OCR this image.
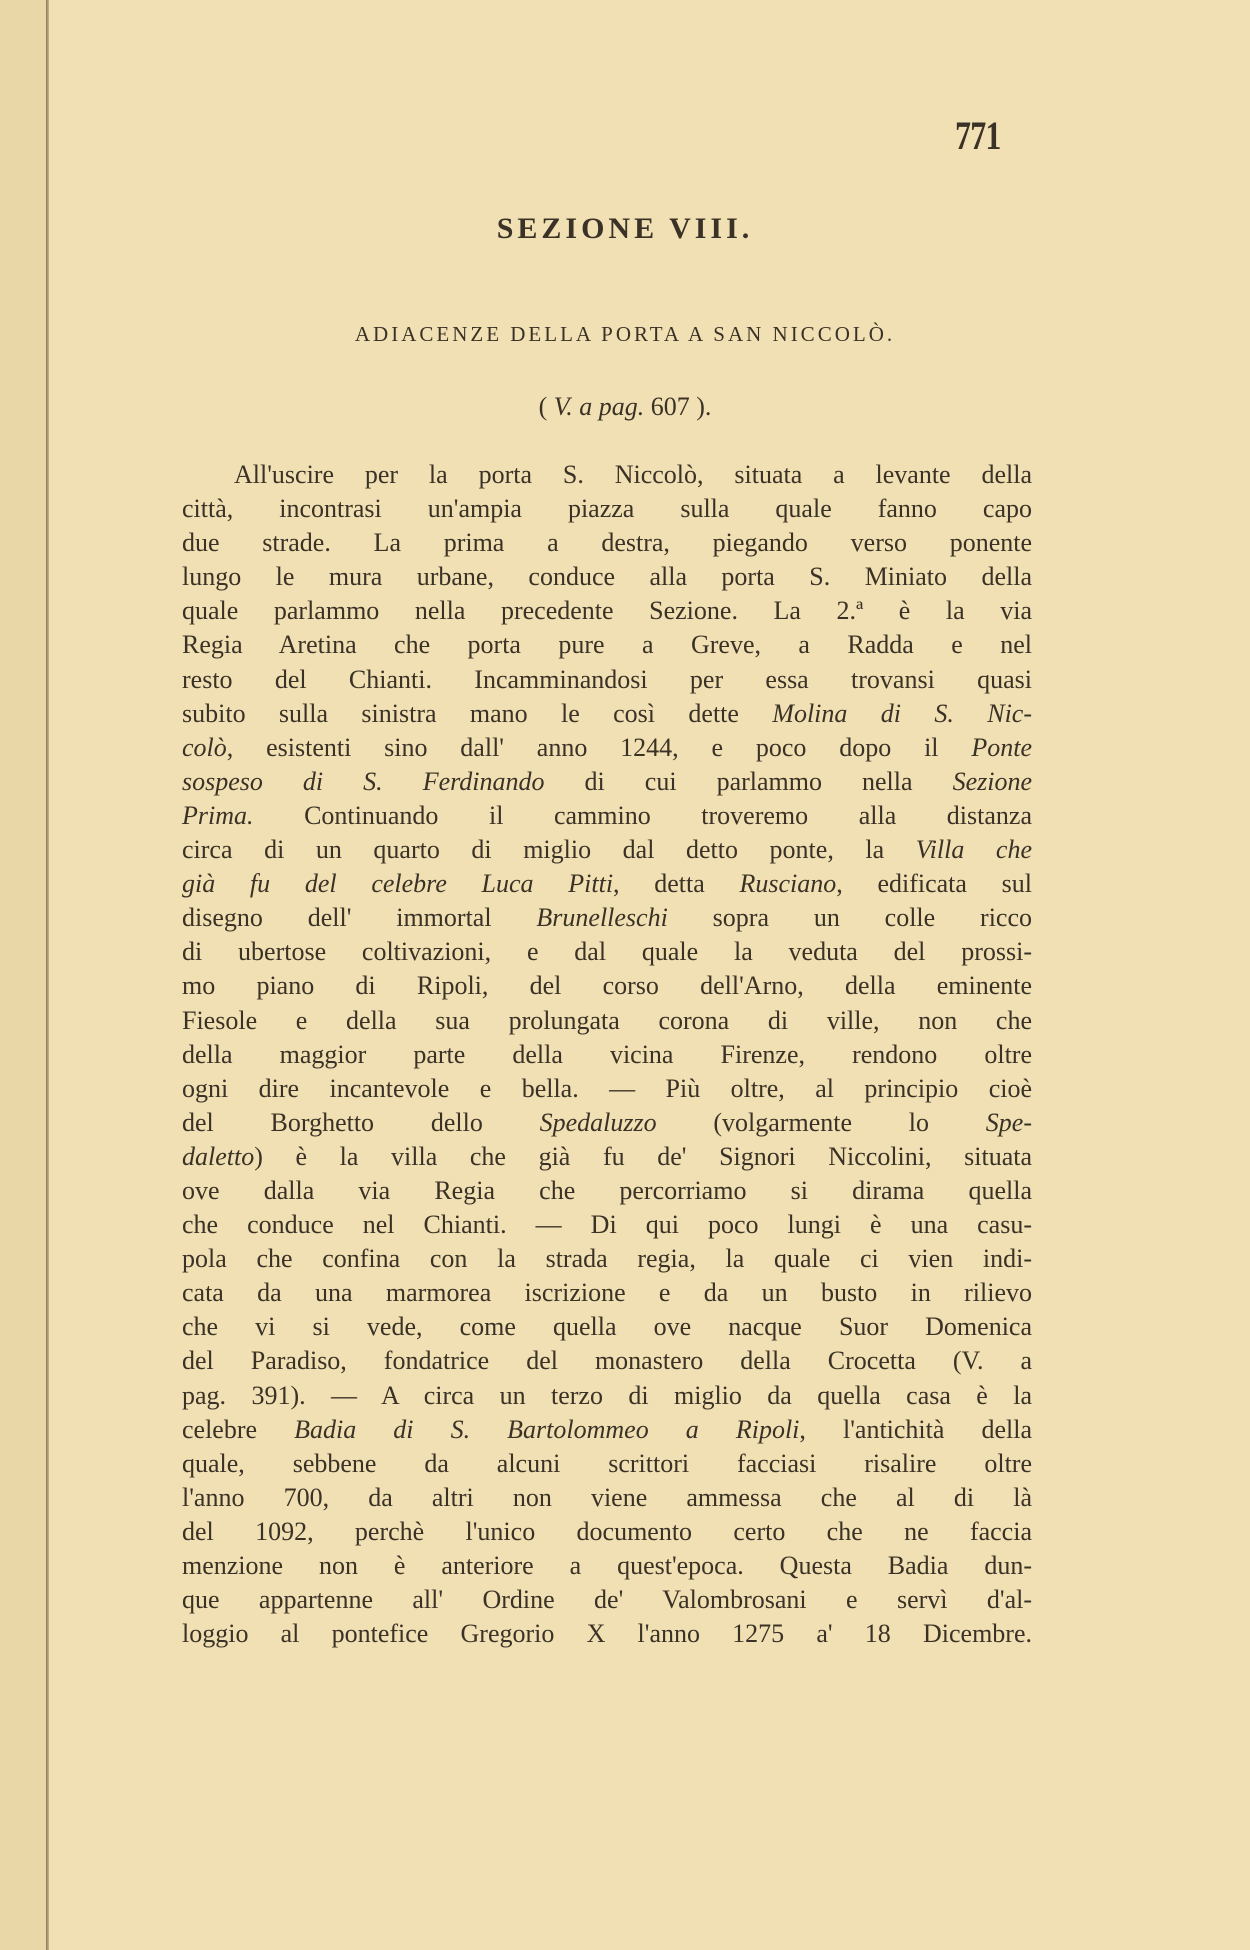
771
SEZIONE VIII.
ADIACENZE DELLA PORTA A SAN NICCOLÒ.
( V. a pag. 607 ).
All'uscire per la porta S. Niccolò, situata a levante della
città, incontrasi un'ampia piazza sulla quale fanno capo
due strade. La prima a destra, piegando verso ponente
lungo le mura urbane, conduce alla porta S. Miniato della
quale parlammo nella precedente Sezione. La 2.ª è la via
Regia Aretina che porta pure a Greve, a Radda e nel
resto del Chianti. Incamminandosi per essa trovansi quasi
subito sulla sinistra mano le così dette Molina di S. Nic-
colò, esistenti sino dall' anno 1244, e poco dopo il Ponte
sospeso di S. Ferdinando di cui parlammo nella Sezione
Prima. Continuando il cammino troveremo alla distanza
circa di un quarto di miglio dal detto ponte, la Villa che
già fu del celebre Luca Pitti, detta Rusciano, edificata sul
disegno dell' immortal Brunelleschi sopra un colle ricco
di ubertose coltivazioni, e dal quale la veduta del prossi-
mo piano di Ripoli, del corso dell'Arno, della eminente
Fiesole e della sua prolungata corona di ville, non che
della maggior parte della vicina Firenze, rendono oltre
ogni dire incantevole e bella. — Più oltre, al principio cioè
del Borghetto dello Spedaluzzo (volgarmente lo Spe-
daletto) è la villa che già fu de' Signori Niccolini, situata
ove dalla via Regia che percorriamo si dirama quella
che conduce nel Chianti. — Di qui poco lungi è una casu-
pola che confina con la strada regia, la quale ci vien indi-
cata da una marmorea iscrizione e da un busto in rilievo
che vi si vede, come quella ove nacque Suor Domenica
del Paradiso, fondatrice del monastero della Crocetta (V. a
pag. 391). — A circa un terzo di miglio da quella casa è la
celebre Badia di S. Bartolommeo a Ripoli, l'antichità della
quale, sebbene da alcuni scrittori facciasi risalire oltre
l'anno 700, da altri non viene ammessa che al di là
del 1092, perchè l'unico documento certo che ne faccia
menzione non è anteriore a quest'epoca. Questa Badia dun-
que appartenne all' Ordine de' Valombrosani e servì d'al-
loggio al pontefice Gregorio X l'anno 1275 a' 18 Dicembre.
